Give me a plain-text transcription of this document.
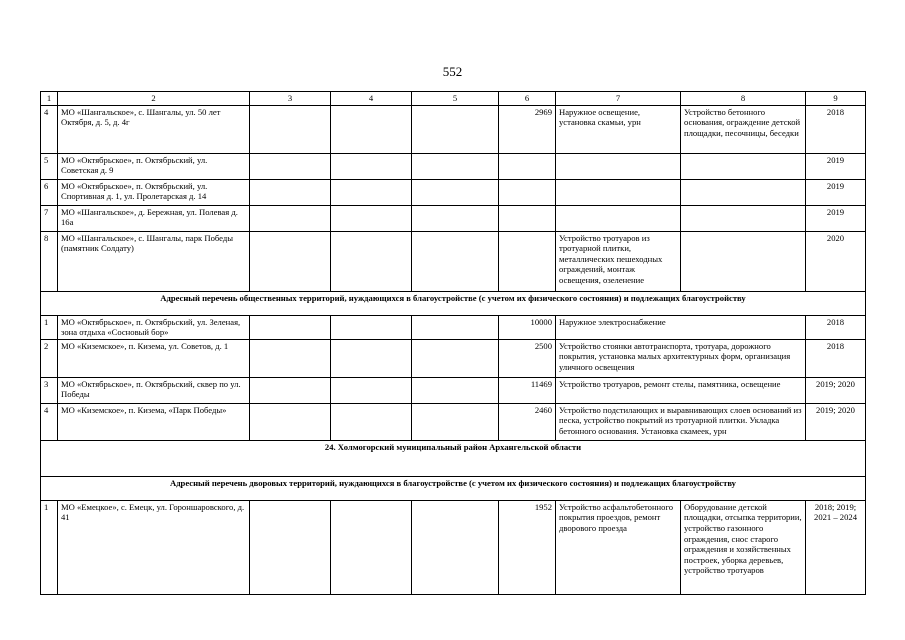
552
1	2	3	4	5	6	7	8	9
4	МО «Шангальское», с. Шангалы, ул. 50 лет Октября, д. 5, д. 4г				2969	Наружное освещение, установка скамьи, урн	Устройство бетонного основания, ограждение детской площадки, песочницы, беседки	2018
5	МО «Октябрьское», п. Октябрьский, ул. Советская д. 9							2019
6	МО «Октябрьское», п. Октябрьский, ул. Спортивная д. 1, ул. Пролетарская д. 14							2019
7	МО «Шангальское», д. Бережная, ул. Полевая д. 16а							2019
8	МО «Шангальское», с. Шангалы, парк Победы (памятник Солдату)					Устройство тротуаров из тротуарной плитки, металлических пешеходных ограждений, монтаж освещения, озеленение		2020
Адресный перечень общественных территорий, нуждающихся в благоустройстве (с учетом их физического состояния) и подлежащих благоустройству								
1	МО «Октябрьское», п. Октябрьский, ул. Зеленая, зона отдыха «Сосновый бор»				10000	Наружное электроснабжение		2018
2	МО «Киземское», п. Кизема, ул. Советов, д. 1				2500	Устройство стоянки автотранспорта, тротуара, дорожного покрытия, установка малых архитектурных форм, организация уличного освещения		2018
3	МО «Октябрьское», п. Октябрьский, сквер по ул. Победы				11469	Устройство тротуаров, ремонт стелы, памятника, освещение		2019; 2020
4	МО «Киземское», п. Кизема, «Парк Победы»				2460	Устройство подстилающих и выравнивающих слоев оснований из песка, устройство покрытий из тротуарной плитки. Укладка бетонного основания. Установка скамеек, урн		2019; 2020
24. Холмогорский муниципальный район Архангельской области								
Адресный перечень дворовых территорий, нуждающихся в благоустройстве (с учетом их физического состояния) и подлежащих благоустройству								
1	МО «Емецкое», с. Емецк, ул. Гороншаровского, д. 41				1952	Устройство асфальтобетонного покрытия проездов, ремонт дворового проезда	Оборудование детской площадки, отсыпка территории, устройство газонного ограждения, снос старого ограждения и хозяйственных построек, уборка деревьев, устройство тротуаров	2018; 2019; 2021 – 2024
